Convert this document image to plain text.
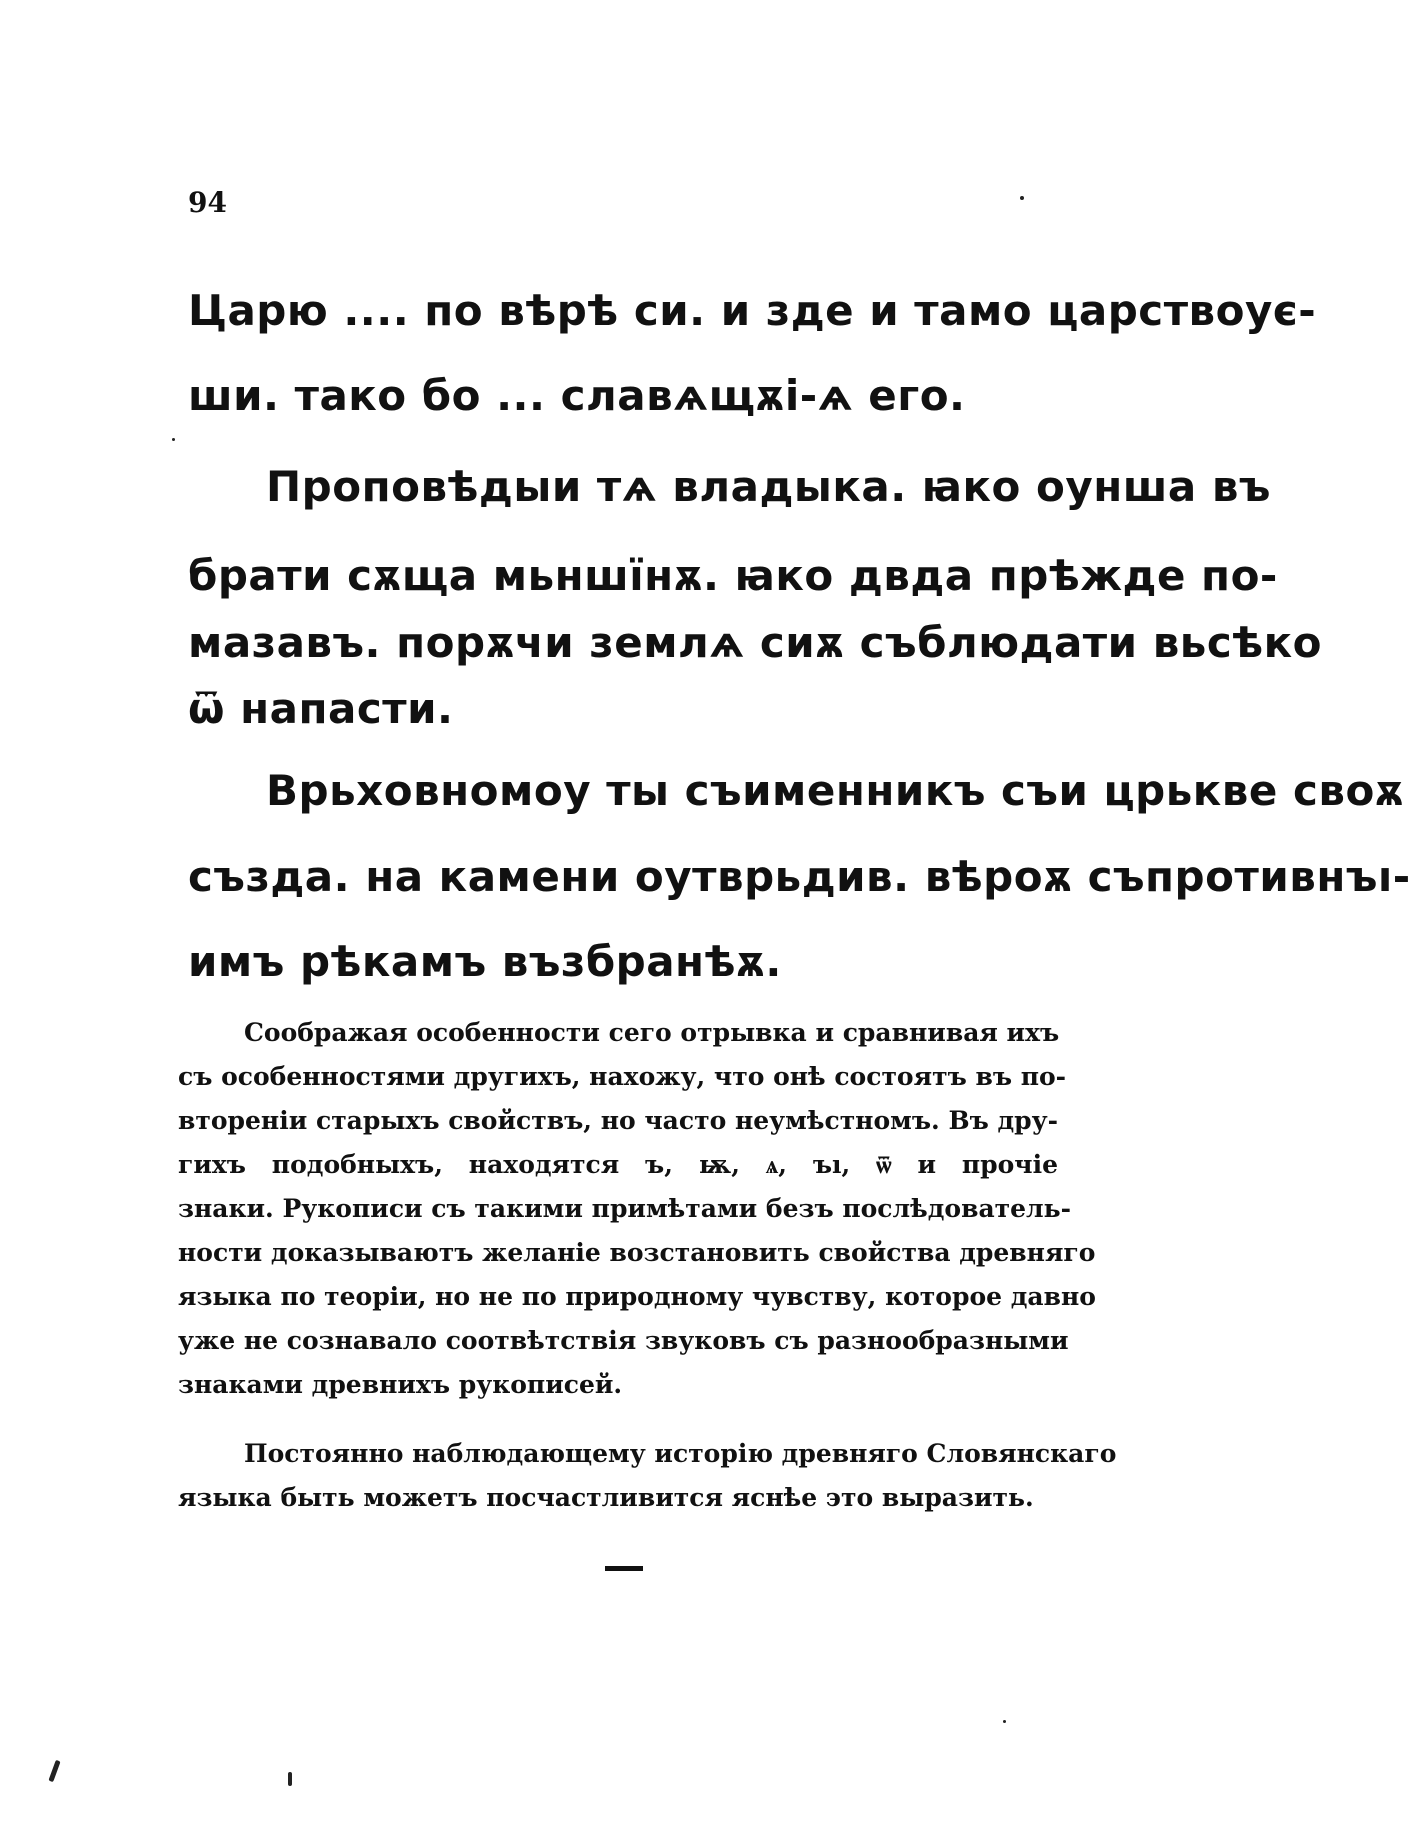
94
Царю .... по вѣрѣ си. и зде и тамо царствоує-
ши. тако бо ... славѧщѫі-ѧ его.
Проповѣдыи тѧ владыка. ꙗко оунша въ
брати сѫща мьншїнѫ. ꙗко двда прѣжде по-
мазавъ. порѫчи землѧ сиѫ съблюдати вьсѣко
ѿ напасти.
Врьховномоу ты съименникъ съи црькве своѫ
създа. на камени оутврьдив. вѣроѫ съпротивнъı-
имъ рѣкамъ възбранѣѫ.
Соображая особенности сего отрывка и сравнивая ихъ
съ особенностями другихъ, нахожу, что онѣ состоятъ въ по-
вторенiи старыхъ свойствъ, но часто неумѣстномъ. Въ дру-
гихъ подобныхъ, находятся ъ, ѭ, ѧ, ъı, ѿ и прочіе
знаки. Рукописи съ такими примѣтами безъ послѣдователь-
ности доказываютъ желанie возстановить свойства древняго
языка по теорiи, но не по природному чувству, которое давно
уже не сознавало соотвѣтствія звуковъ съ разнообразными
знаками древнихъ рукописей.
Постоянно наблюдающему исторію древняго Словянскаго
языка быть можетъ посчастливится яснѣе это выразить.
